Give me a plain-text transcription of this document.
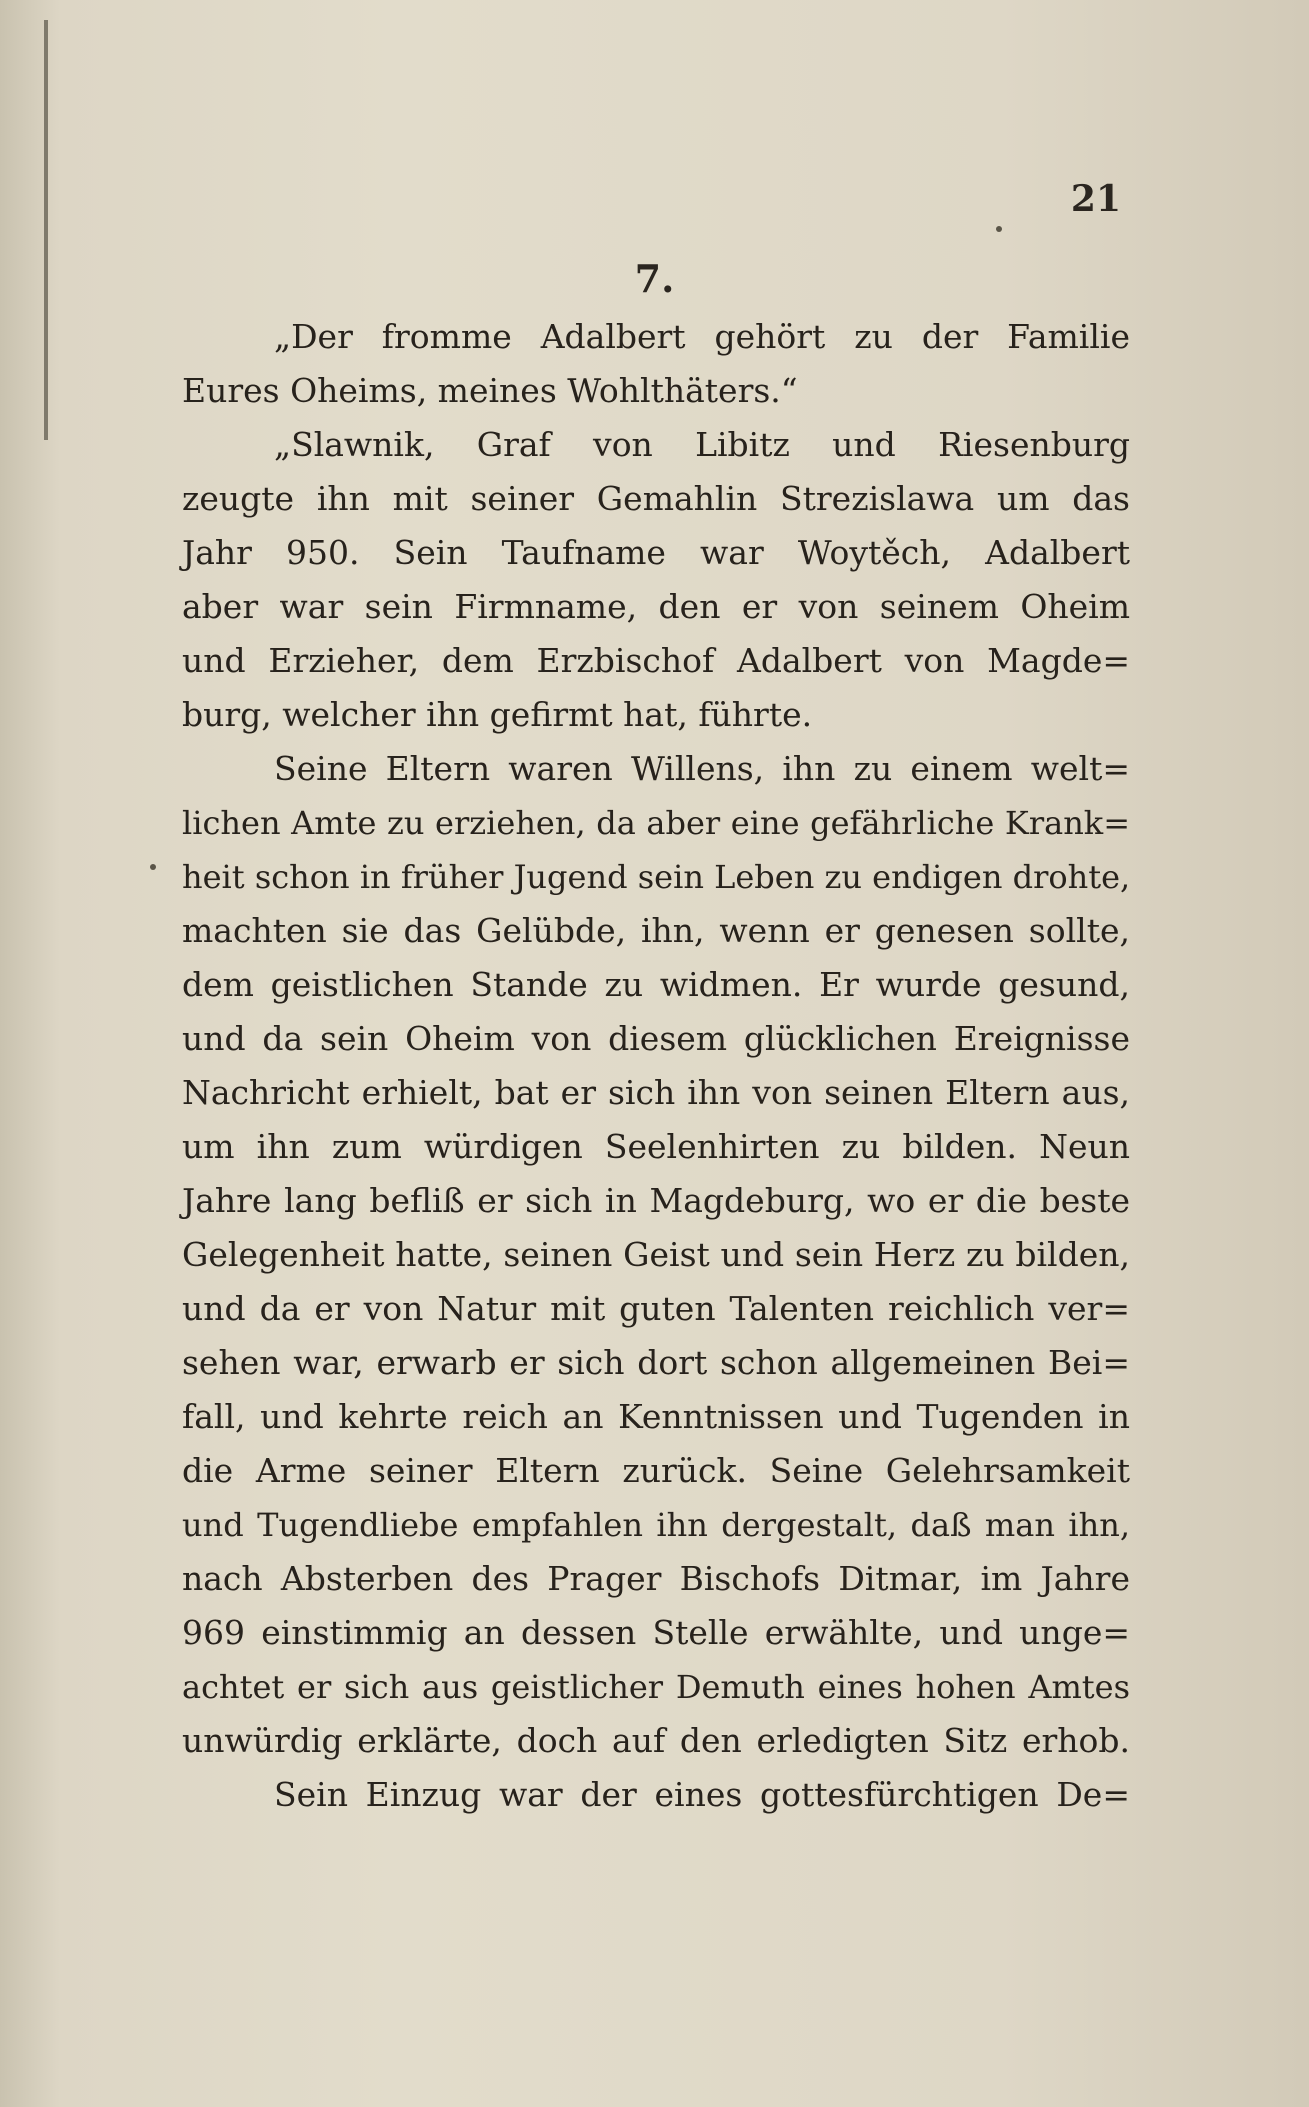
21
7.
„Der fromme Adalbert gehört zu der Familie
Eures Oheims, meines Wohlthäters.“
„Slawnik, Graf von Libitz und Riesenburg
zeugte ihn mit seiner Gemahlin Strezislawa um das
Jahr 950. Sein Taufname war Woytěch, Adalbert
aber war sein Firmname, den er von seinem Oheim
und Erzieher, dem Erzbischof Adalbert von Magde=
burg, welcher ihn gefirmt hat, führte.
Seine Eltern waren Willens, ihn zu einem welt=
lichen Amte zu erziehen, da aber eine gefährliche Krank=
heit schon in früher Jugend sein Leben zu endigen drohte,
machten sie das Gelübde, ihn, wenn er genesen sollte,
dem geistlichen Stande zu widmen. Er wurde gesund,
und da sein Oheim von diesem glücklichen Ereignisse
Nachricht erhielt, bat er sich ihn von seinen Eltern aus,
um ihn zum würdigen Seelenhirten zu bilden. Neun
Jahre lang befliß er sich in Magdeburg, wo er die beste
Gelegenheit hatte, seinen Geist und sein Herz zu bilden,
und da er von Natur mit guten Talenten reichlich ver=
sehen war, erwarb er sich dort schon allgemeinen Bei=
fall, und kehrte reich an Kenntnissen und Tugenden in
die Arme seiner Eltern zurück. Seine Gelehrsamkeit
und Tugendliebe empfahlen ihn dergestalt, daß man ihn,
nach Absterben des Prager Bischofs Ditmar, im Jahre
969 einstimmig an dessen Stelle erwählte, und unge=
achtet er sich aus geistlicher Demuth eines hohen Amtes
unwürdig erklärte, doch auf den erledigten Sitz erhob.
Sein Einzug war der eines gottesfürchtigen De=
